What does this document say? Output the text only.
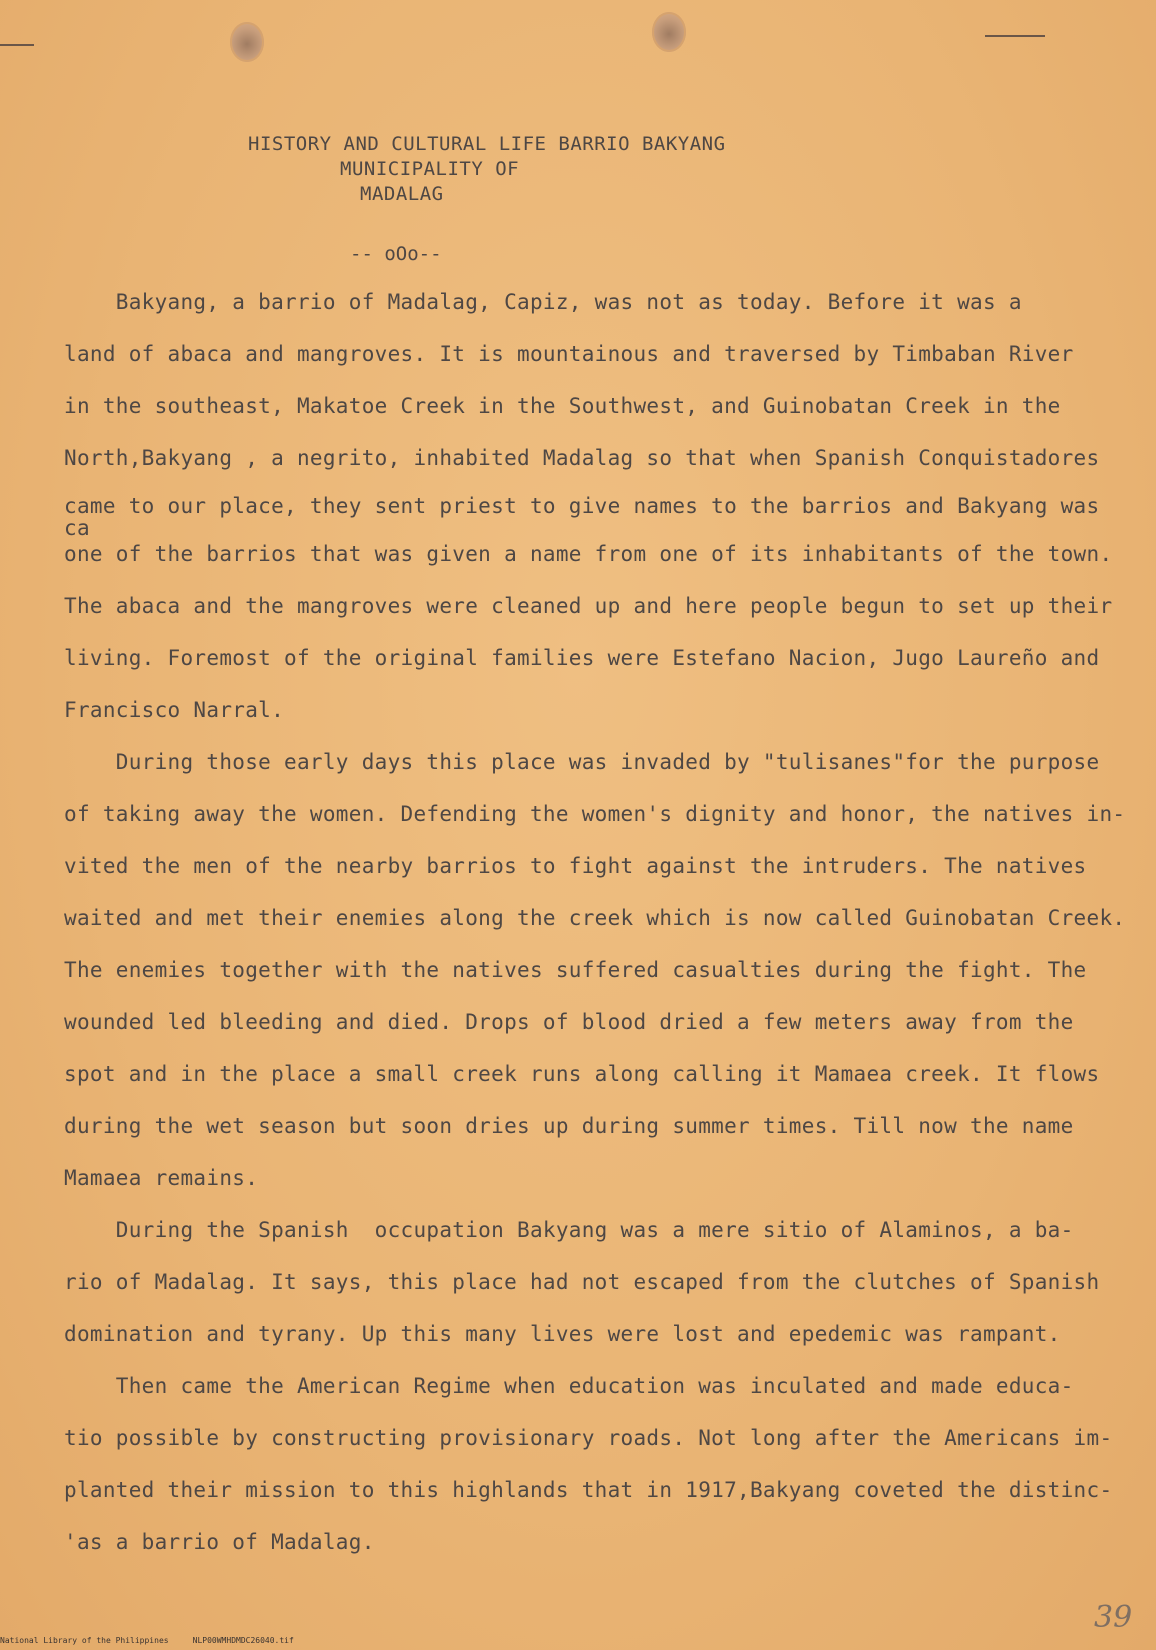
HISTORY AND CULTURAL LIFE BARRIO BAKYANG
MUNICIPALITY OF
MADALAG
-- oOo--
Bakyang, a barrio of Madalag, Capiz, was not as today. Before it was a
land of abaca and mangroves. It is mountainous and traversed by Timbaban River
in the southeast, Makatoe Creek in the Southwest, and Guinobatan Creek in the
North,Bakyang , a negrito, inhabited Madalag so that when Spanish Conquistadores
came to our place, they sent priest to give names to the barrios and Bakyang was
ca
one of the barrios that was given a name from one of its inhabitants of the town.
The abaca and the mangroves were cleaned up and here people begun to set up their
living. Foremost of the original families were Estefano Nacion, Jugo Laureño and
Francisco Narral.
During those early days this place was invaded by "tulisanes"for the purpose
of taking away the women. Defending the women's dignity and honor, the natives in-
vited the men of the nearby barrios to fight against the intruders. The natives
waited and met their enemies along the creek which is now called Guinobatan Creek.
The enemies together with the natives suffered casualties during the fight. The
wounded led bleeding and died. Drops of blood dried a few meters away from the
spot and in the place a small creek runs along calling it Mamaea creek. It flows
during the wet season but soon dries up during summer times. Till now the name
Mamaea remains.
During the Spanish  occupation Bakyang was a mere sitio of Alaminos, a ba-
rio of Madalag. It says, this place had not escaped from the clutches of Spanish
domination and tyrany. Up this many lives were lost and epedemic was rampant.
Then came the American Regime when education was inculated and made educa-
tio possible by constructing provisionary roads. Not long after the Americans im-
planted their mission to this highlands that in 1917,Bakyang coveted the distinc-
'as a barrio of Madalag.
National Library of the Philippines     NLP00WMHDMDC26040.tif
39
